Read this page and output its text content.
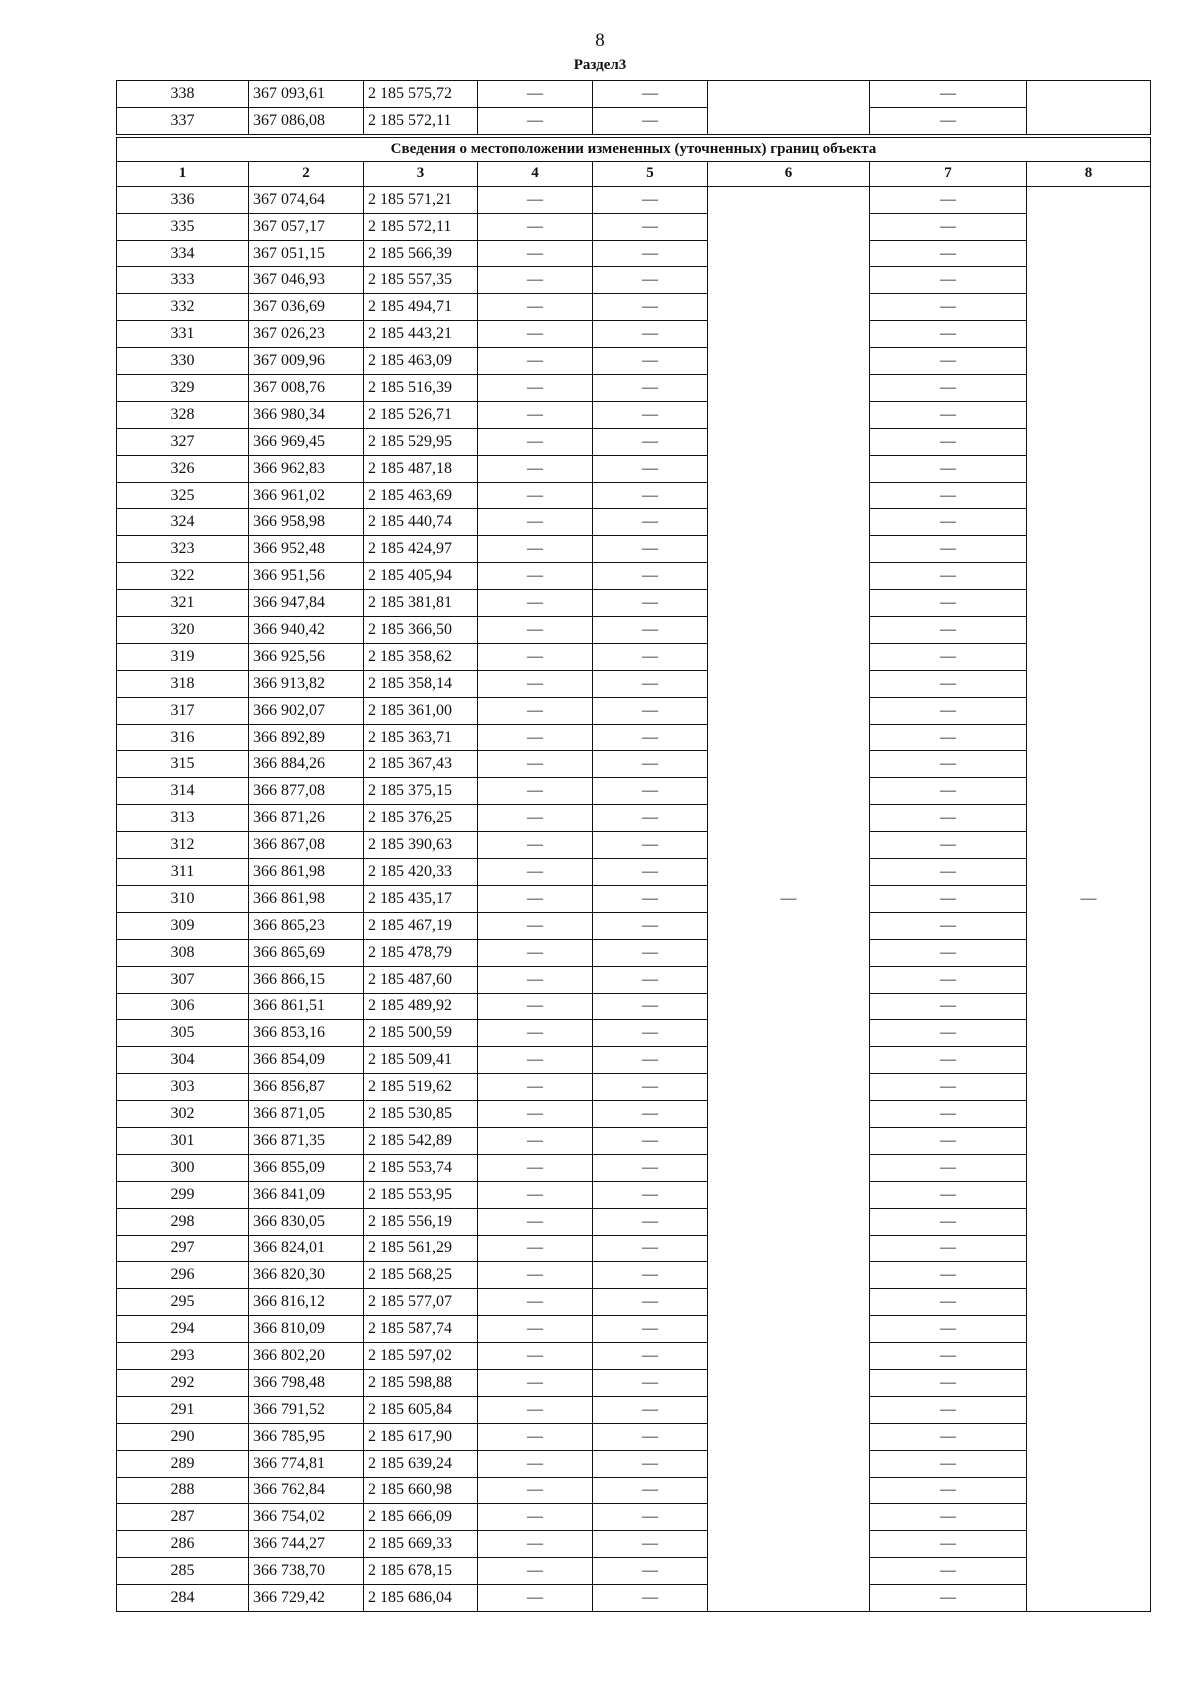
8
Раздел3
338	367 093,61	2 185 575,72	—	—		—	
337	367 086,08	2 185 572,11	—	—		—	
Сведения о местоположении измененных (уточненных) границ объекта							
1	2	3	4	5	6	7	8
336	367 074,64	2 185 571,21	—	—	—	—	—
335	367 057,17	2 185 572,11	—	—		—	
334	367 051,15	2 185 566,39	—	—		—	
333	367 046,93	2 185 557,35	—	—		—	
332	367 036,69	2 185 494,71	—	—		—	
331	367 026,23	2 185 443,21	—	—		—	
330	367 009,96	2 185 463,09	—	—		—	
329	367 008,76	2 185 516,39	—	—		—	
328	366 980,34	2 185 526,71	—	—		—	
327	366 969,45	2 185 529,95	—	—		—	
326	366 962,83	2 185 487,18	—	—		—	
325	366 961,02	2 185 463,69	—	—		—	
324	366 958,98	2 185 440,74	—	—		—	
323	366 952,48	2 185 424,97	—	—		—	
322	366 951,56	2 185 405,94	—	—		—	
321	366 947,84	2 185 381,81	—	—		—	
320	366 940,42	2 185 366,50	—	—		—	
319	366 925,56	2 185 358,62	—	—		—	
318	366 913,82	2 185 358,14	—	—		—	
317	366 902,07	2 185 361,00	—	—		—	
316	366 892,89	2 185 363,71	—	—		—	
315	366 884,26	2 185 367,43	—	—		—	
314	366 877,08	2 185 375,15	—	—		—	
313	366 871,26	2 185 376,25	—	—		—	
312	366 867,08	2 185 390,63	—	—		—	
311	366 861,98	2 185 420,33	—	—		—	
310	366 861,98	2 185 435,17	—	—		—	
309	366 865,23	2 185 467,19	—	—		—	
308	366 865,69	2 185 478,79	—	—		—	
307	366 866,15	2 185 487,60	—	—		—	
306	366 861,51	2 185 489,92	—	—		—	
305	366 853,16	2 185 500,59	—	—		—	
304	366 854,09	2 185 509,41	—	—		—	
303	366 856,87	2 185 519,62	—	—		—	
302	366 871,05	2 185 530,85	—	—		—	
301	366 871,35	2 185 542,89	—	—		—	
300	366 855,09	2 185 553,74	—	—		—	
299	366 841,09	2 185 553,95	—	—		—	
298	366 830,05	2 185 556,19	—	—		—	
297	366 824,01	2 185 561,29	—	—		—	
296	366 820,30	2 185 568,25	—	—		—	
295	366 816,12	2 185 577,07	—	—		—	
294	366 810,09	2 185 587,74	—	—		—	
293	366 802,20	2 185 597,02	—	—		—	
292	366 798,48	2 185 598,88	—	—		—	
291	366 791,52	2 185 605,84	—	—		—	
290	366 785,95	2 185 617,90	—	—		—	
289	366 774,81	2 185 639,24	—	—		—	
288	366 762,84	2 185 660,98	—	—		—	
287	366 754,02	2 185 666,09	—	—		—	
286	366 744,27	2 185 669,33	—	—		—	
285	366 738,70	2 185 678,15	—	—		—	
284	366 729,42	2 185 686,04	—	—		—	
